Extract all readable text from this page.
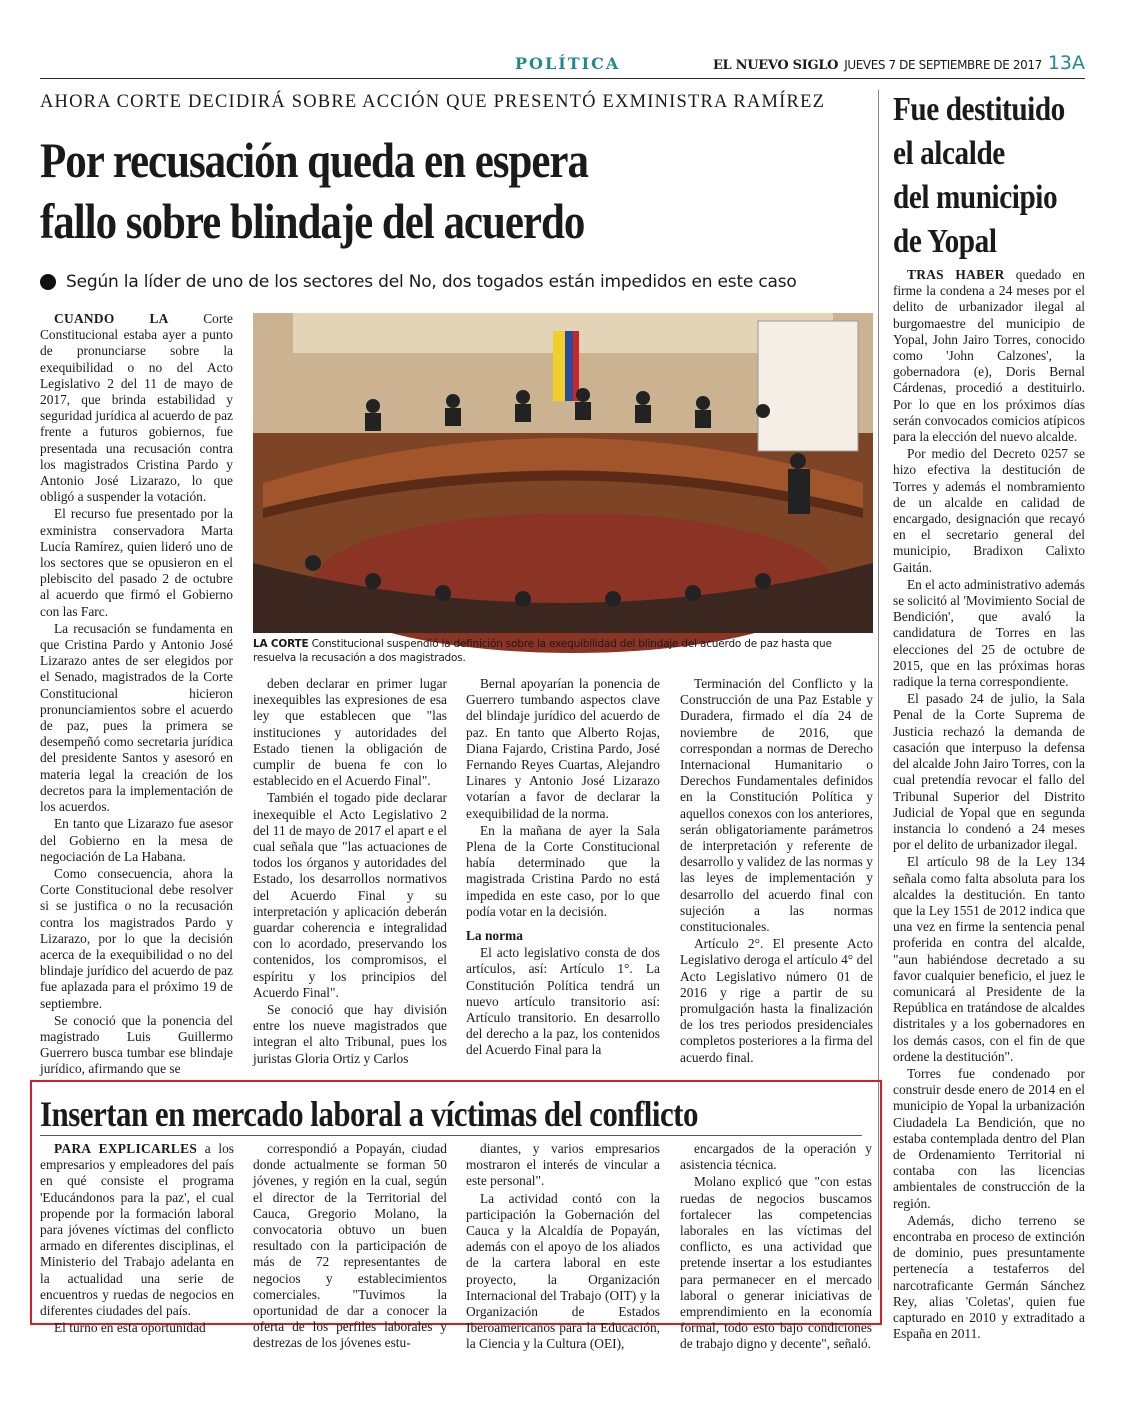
POLÍTICA	EL NUEVO SIGLO JUEVES 7 DE SEPTIEMBRE DE 2017 13A
AHORA CORTE DECIDIRÁ SOBRE ACCIÓN QUE PRESENTÓ EXMINISTRA RAMÍREZ
Por recusación queda en espera
fallo sobre blindaje del acuerdo
Según la líder de uno de los sectores del No, dos togados están impedidos en este caso

CUANDO LA	Corte Constitucional estaba ayer a punto de pronunciarse sobre la exequibilidad o no del Acto Legislativo 2 del 11 de mayo de 2017, que brinda estabilidad y seguridad jurídica al acuerdo de paz frente a futuros gobiernos, fue presentada una recusación contra los magistrados Cristina Pardo y Antonio José Lizarazo, lo que obligó a suspender la votación.

El recurso fue presentado por la exministra conservadora Marta Lucía Ramírez, quien lideró uno de los sectores que se opusieron en el plebiscito del pasado 2 de octubre al acuerdo que firmó el Gobierno con las Farc.

La recusación se fundamenta en que Cristina Pardo y Antonio José Lizarazo antes de ser elegidos por el Senado, magistrados de la Corte Constitucional hicieron pronunciamientos sobre el acuerdo de paz, pues la primera se desempeñó como secretaria jurídica del presidente Santos y asesoró en materia legal la creación de los decretos para la implementación de los acuerdos.

En tanto que Lizarazo fue asesor del Gobierno en la mesa de negociación de La Habana.

Como consecuencia, ahora la Corte Constitucional debe resolver si se justifica o no la recusación contra los magistrados Pardo y Lizarazo, por lo que la decisión acerca de la exequibilidad o no del blindaje jurídico del acuerdo de paz fue aplazada para el próximo 19 de septiembre.

Se conoció que la ponencia del magistrado Luis Guillermo Guerrero busca tumbar ese blindaje jurídico, afirmando que se

LA CORTE Constitucional suspendió la definición sobre la exequibilidad del blindaje del acuerdo de paz hasta que resuelva la recusación a dos magistrados.

deben declarar en primer lugar inexequibles las expresiones de esa ley que establecen que "las instituciones y autoridades del Estado tienen la obligación de cumplir de buena fe con lo establecido en el Acuerdo Final".

También el togado pide declarar inexequible el Acto Legislativo 2 del 11 de mayo de 2017 el apart e el cual señala que "las actuaciones de todos los órganos y autoridades del Estado, los desarrollos normativos del Acuerdo Final y su interpretación y aplicación deberán guardar coherencia e integralidad con lo acordado, preservando los contenidos, los compromisos, el espíritu y los principios del Acuerdo Final".

Se conoció que hay división entre los nueve magistrados que integran el alto Tribunal, pues los juristas Gloria Ortiz y Carlos

Bernal apoyarían la ponencia de Guerrero tumbando aspectos clave del blindaje jurídico del acuerdo de paz. En tanto que Alberto Rojas, Diana Fajardo, Cristina Pardo, José Fernando Reyes Cuartas, Alejandro Linares y Antonio José Lizarazo votarían a favor de declarar la exequibilidad de la norma.

En la mañana de ayer la Sala Plena de la Corte Constitucional había determinado que la magistrada Cristina Pardo no está impedida en este caso, por lo que podía votar en la decisión.

La norma

El acto legislativo consta de dos artículos, así: Artículo 1°. La Constitución Política tendrá un nuevo artículo transitorio así: Artículo transitorio. En desarrollo del derecho a la paz, los contenidos del Acuerdo Final para la

Terminación del Conflicto y la Construcción de una Paz Estable y Duradera, firmado el día 24 de noviembre de 2016, que correspondan a normas de Derecho Internacional Humanitario o Derechos Fundamentales definidos en la Constitución Política y aquellos conexos con los anteriores, serán obligatoriamente parámetros de interpretación y referente de desarrollo y validez de las normas y las leyes de implementación y desarrollo del acuerdo final con sujeción a las normas constitucionales.

Artículo 2°. El presente Acto Legislativo deroga el artículo 4° del Acto Legislativo número 01 de 2016 y rige a partir de su promulgación hasta la finalización de los tres periodos presidenciales completos posteriores a la firma del acuerdo final.

Fue destituido
el alcalde
del municipio
de Yopal

TRAS HABER quedado en firme la condena a 24 meses por el delito de urbanizador ilegal al burgomaestre del municipio de Yopal, John Jairo Torres, conocido como 'John Calzones', la gobernadora (e), Doris Bernal Cárdenas, procedió a destituirlo. Por lo que en los próximos días serán convocados comicios atípicos para la elección del nuevo alcalde.

Por medio del Decreto 0257 se hizo efectiva la destitución de Torres y además el nombramiento de un alcalde en calidad de encargado, designación que recayó en el secretario general del municipio, Bradixon Calixto Gaitán.

En el acto administrativo además se solicitó al 'Movimiento Social de Bendición', que avaló la candidatura de Torres en las elecciones del 25 de octubre de 2015, que en las próximas horas radique la terna correspondiente.

El pasado 24 de julio, la Sala Penal de la Corte Suprema de Justicia rechazó la demanda de casación que interpuso la defensa del alcalde John Jairo Torres, con la cual pretendía revocar el fallo del Tribunal Superior del Distrito Judicial de Yopal que en segunda instancia lo condenó a 24 meses por el delito de urbanizador ilegal.

El artículo 98 de la Ley 134 señala como falta absoluta para los alcaldes la destitución. En tanto que la Ley 1551 de 2012 indica que una vez en firme la sentencia penal proferida en contra del alcalde, "aun habiéndose decretado a su favor cualquier beneficio, el juez le comunicará al Presidente de la República en tratándose de alcaldes distritales y a los gobernadores en los demás casos, con el fin de que ordene la destitución".

Torres fue condenado por construir desde enero de 2014 en el municipio de Yopal la urbanización Ciudadela La Bendición, que no estaba contemplada dentro del Plan de Ordenamiento Territorial ni contaba con las licencias ambientales de construcción de la región.

Además, dicho terreno se encontraba en proceso de extinción de dominio, pues presuntamente pertenecía a testaferros del narcotraficante Germán Sánchez Rey, alias 'Coletas', quien fue capturado en 2010 y extraditado a España en 2011.

Insertan en mercado laboral a víctimas del conflicto

PARA EXPLICARLES a los empresarios y empleadores del país en qué consiste el programa 'Educándonos para la paz', el cual propende por la formación laboral para jóvenes víctimas del conflicto armado en diferentes disciplinas, el Ministerio del Trabajo adelanta en la actualidad una serie de encuentros y ruedas de negocios en diferentes ciudades del país.

El turno en esta oportunidad

correspondió a Popayán, ciudad donde actualmente se forman 50 jóvenes, y región en la cual, según el director de la Territorial del Cauca, Gregorio Molano, la convocatoria obtuvo un buen resultado con la participación de más de 72 representantes de negocios y establecimientos comerciales. "Tuvimos la oportunidad de dar a conocer la oferta de los perfiles laborales y destrezas de los jóvenes estu-

diantes, y varios empresarios mostraron el interés de vincular a este personal".

La actividad contó con la participación la Gobernación del Cauca y la Alcaldía de Popayán, además con el apoyo de los aliados de la cartera laboral en este proyecto, la Organización Internacional del Trabajo (OIT) y la Organización de Estados Iberoamericanos para la Educación, la Ciencia y la Cultura (OEI),

encargados de la operación y asistencia técnica.

Molano explicó que "con estas ruedas de negocios buscamos fortalecer las competencias laborales en las víctimas del conflicto, es una actividad que pretende insertar a los estudiantes para permanecer en el mercado laboral o generar iniciativas de emprendimiento en la economía formal, todo esto bajo condiciones de trabajo digno y decente", señaló.
